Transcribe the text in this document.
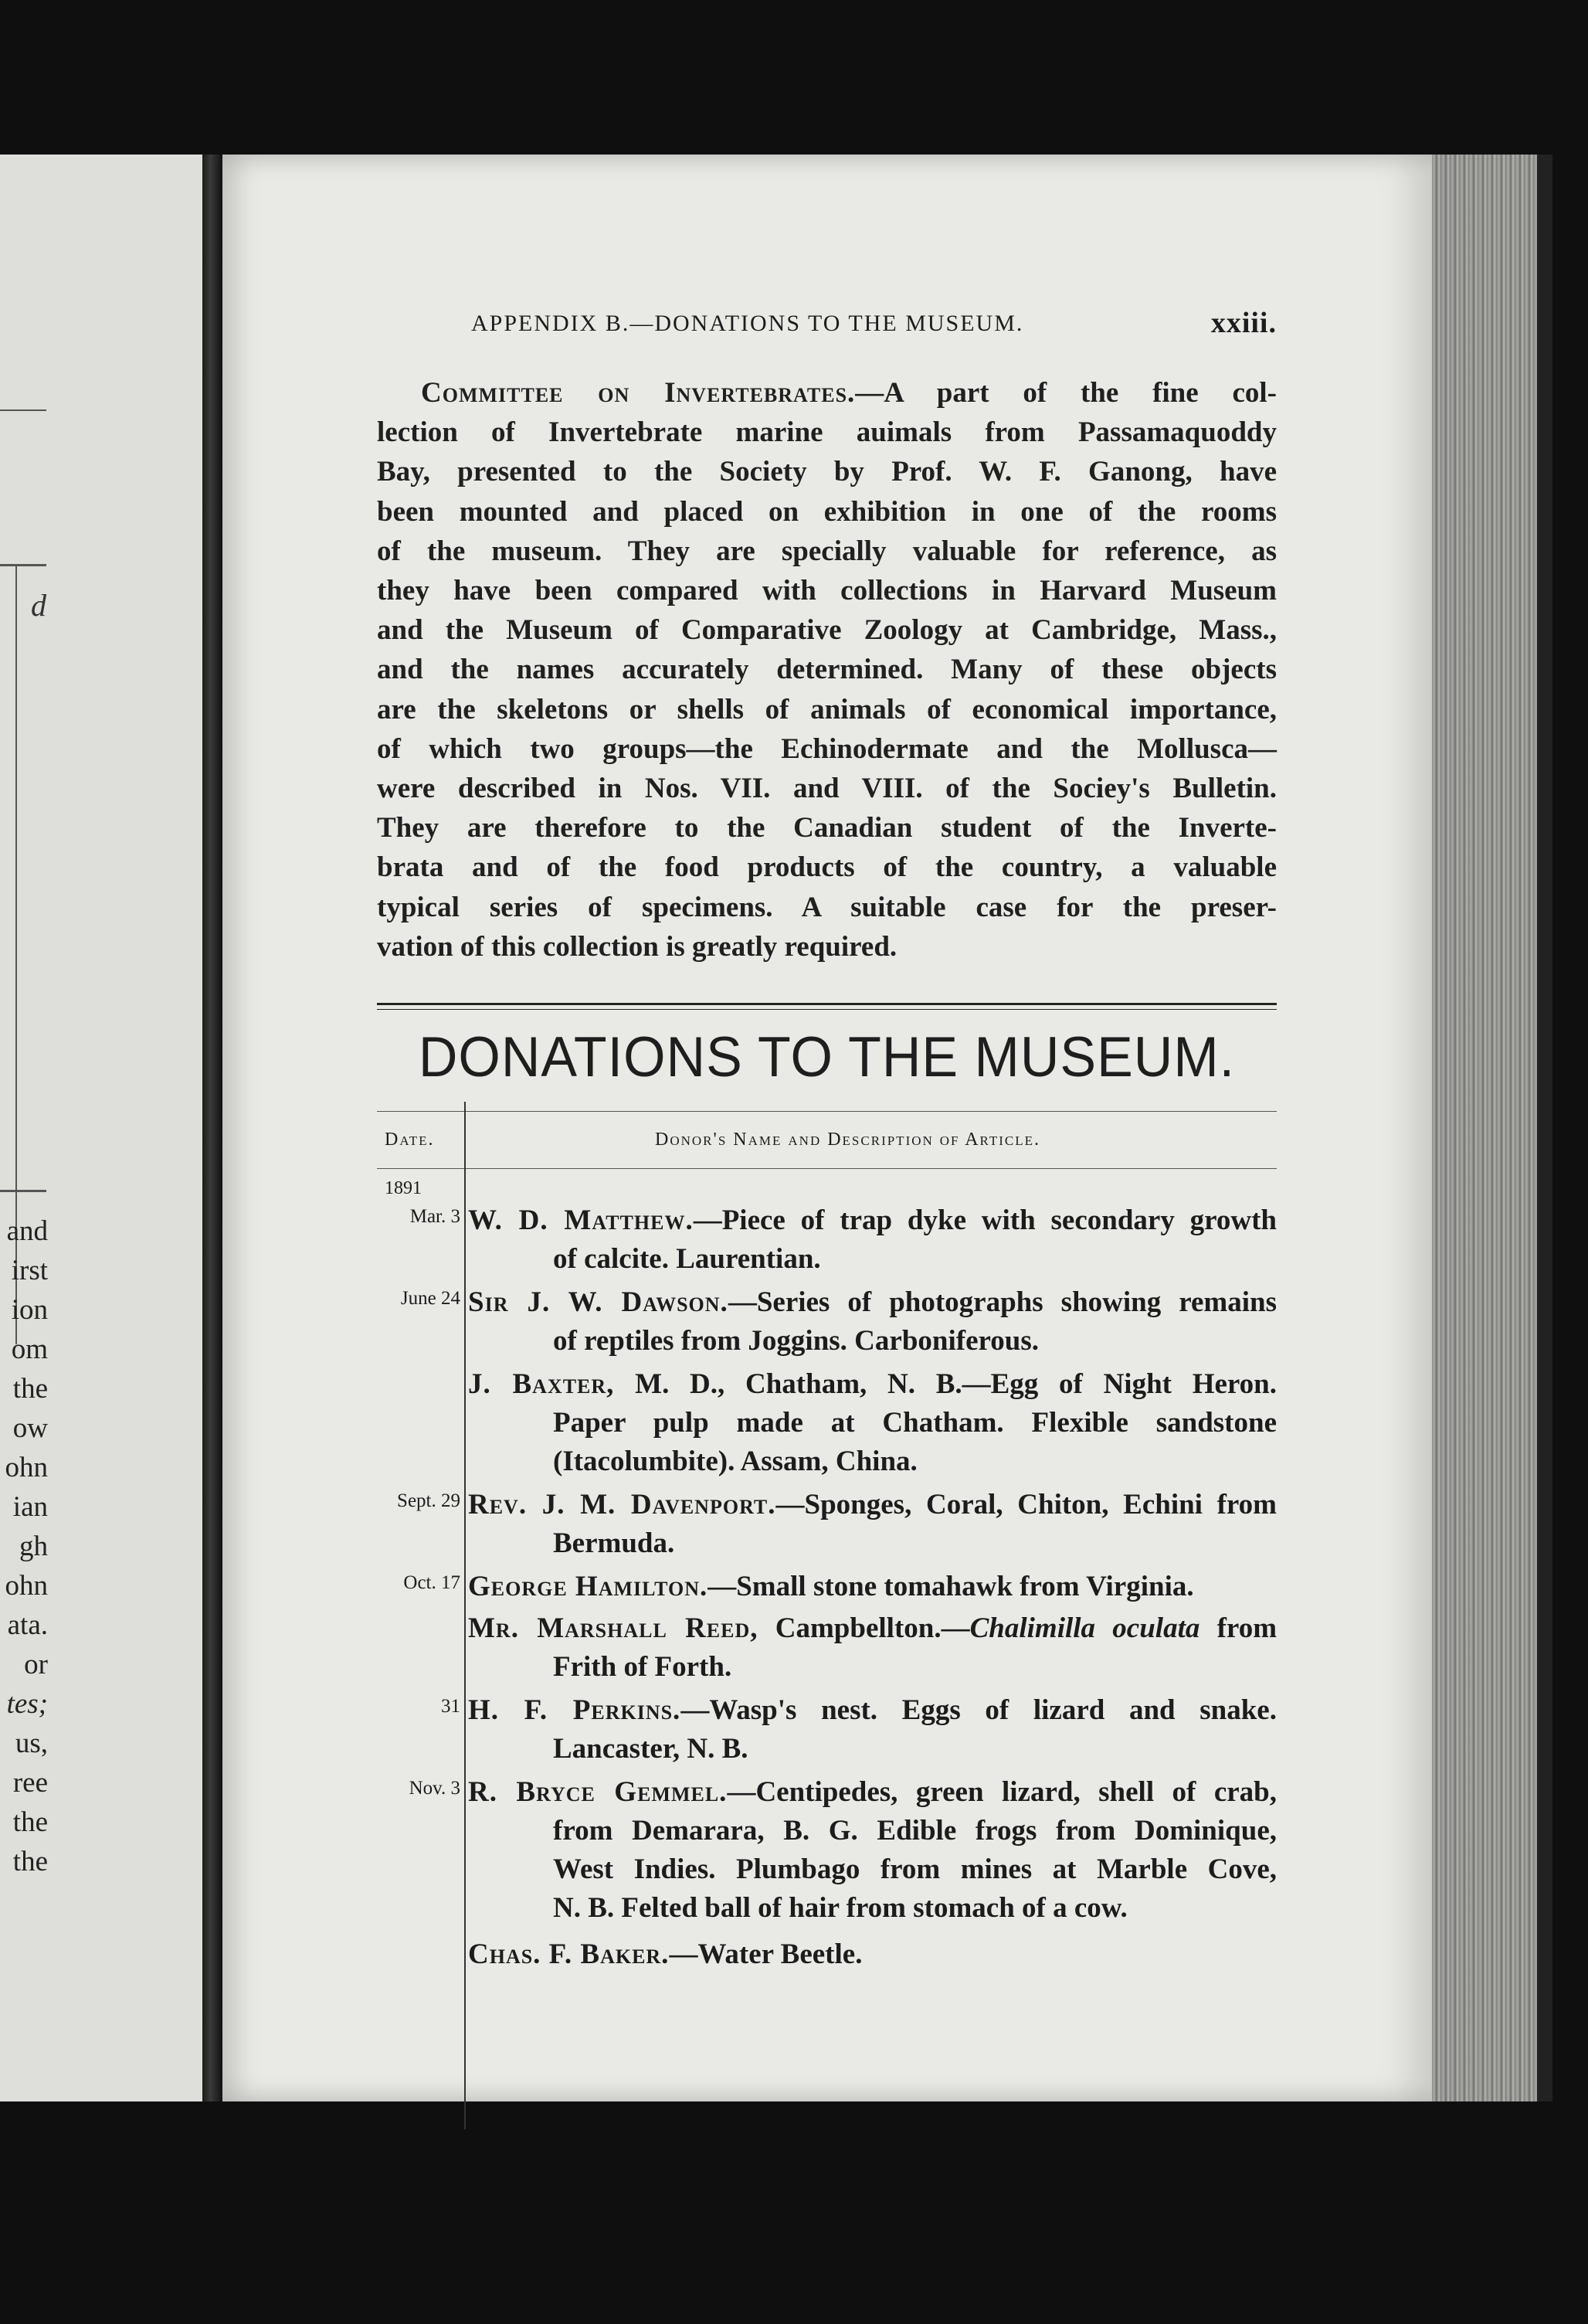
d
and
irst
ion
om
the
ow
ohn
ian
gh
ohn
ata.
or
tes;
us,
ree
the
the
APPENDIX B.—DONATIONS TO THE MUSEUM.	xxiii.
Committee on Invertebrates.—A part of the fine col-
lection of Invertebrate marine auimals from Passamaquoddy
Bay, presented to the Society by Prof. W. F. Ganong, have
been mounted and placed on exhibition in one of the rooms
of the museum. They are specially valuable for reference, as
they have been compared with collections in Harvard Museum
and the Museum of Comparative Zoology at Cambridge, Mass.,
and the names accurately determined. Many of these objects
are the skeletons or shells of animals of economical importance,
of which two groups—the Echinodermate and the Mollusca—
were described in Nos. VII. and VIII. of the Sociey's Bulletin.
They are therefore to the Canadian student of the Inverte-
brata and of the food products of the country, a valuable
typical series of specimens. A suitable case for the preser-
vation of this collection is greatly required.
DONATIONS TO THE MUSEUM.
Date.	Donor's Name and Description of Article.
1891
Mar. 3 W. D. Matthew.—Piece of trap dyke with secondary growth
of calcite. Laurentian.
June 24 Sir J. W. Dawson.—Series of photographs showing remains
of reptiles from Joggins. Carboniferous.
J. Baxter, M. D., Chatham, N. B.—Egg of Night Heron.
Paper pulp made at Chatham. Flexible sandstone
(Itacolumbite). Assam, China.
Sept. 29 Rev. J. M. Davenport.—Sponges, Coral, Chiton, Echini from
Bermuda.
Oct. 17 George Hamilton.—Small stone tomahawk from Virginia.
Mr. Marshall Reed, Campbellton.—Chalimilla oculata from
Frith of Forth.
31 H. F. Perkins.—Wasp's nest. Eggs of lizard and snake.
Lancaster, N. B.
Nov. 3 R. Bryce Gemmel.—Centipedes, green lizard, shell of crab,
from Demarara, B. G. Edible frogs from Dominique,
West Indies. Plumbago from mines at Marble Cove,
N. B. Felted ball of hair from stomach of a cow.
Chas. F. Baker.—Water Beetle.
